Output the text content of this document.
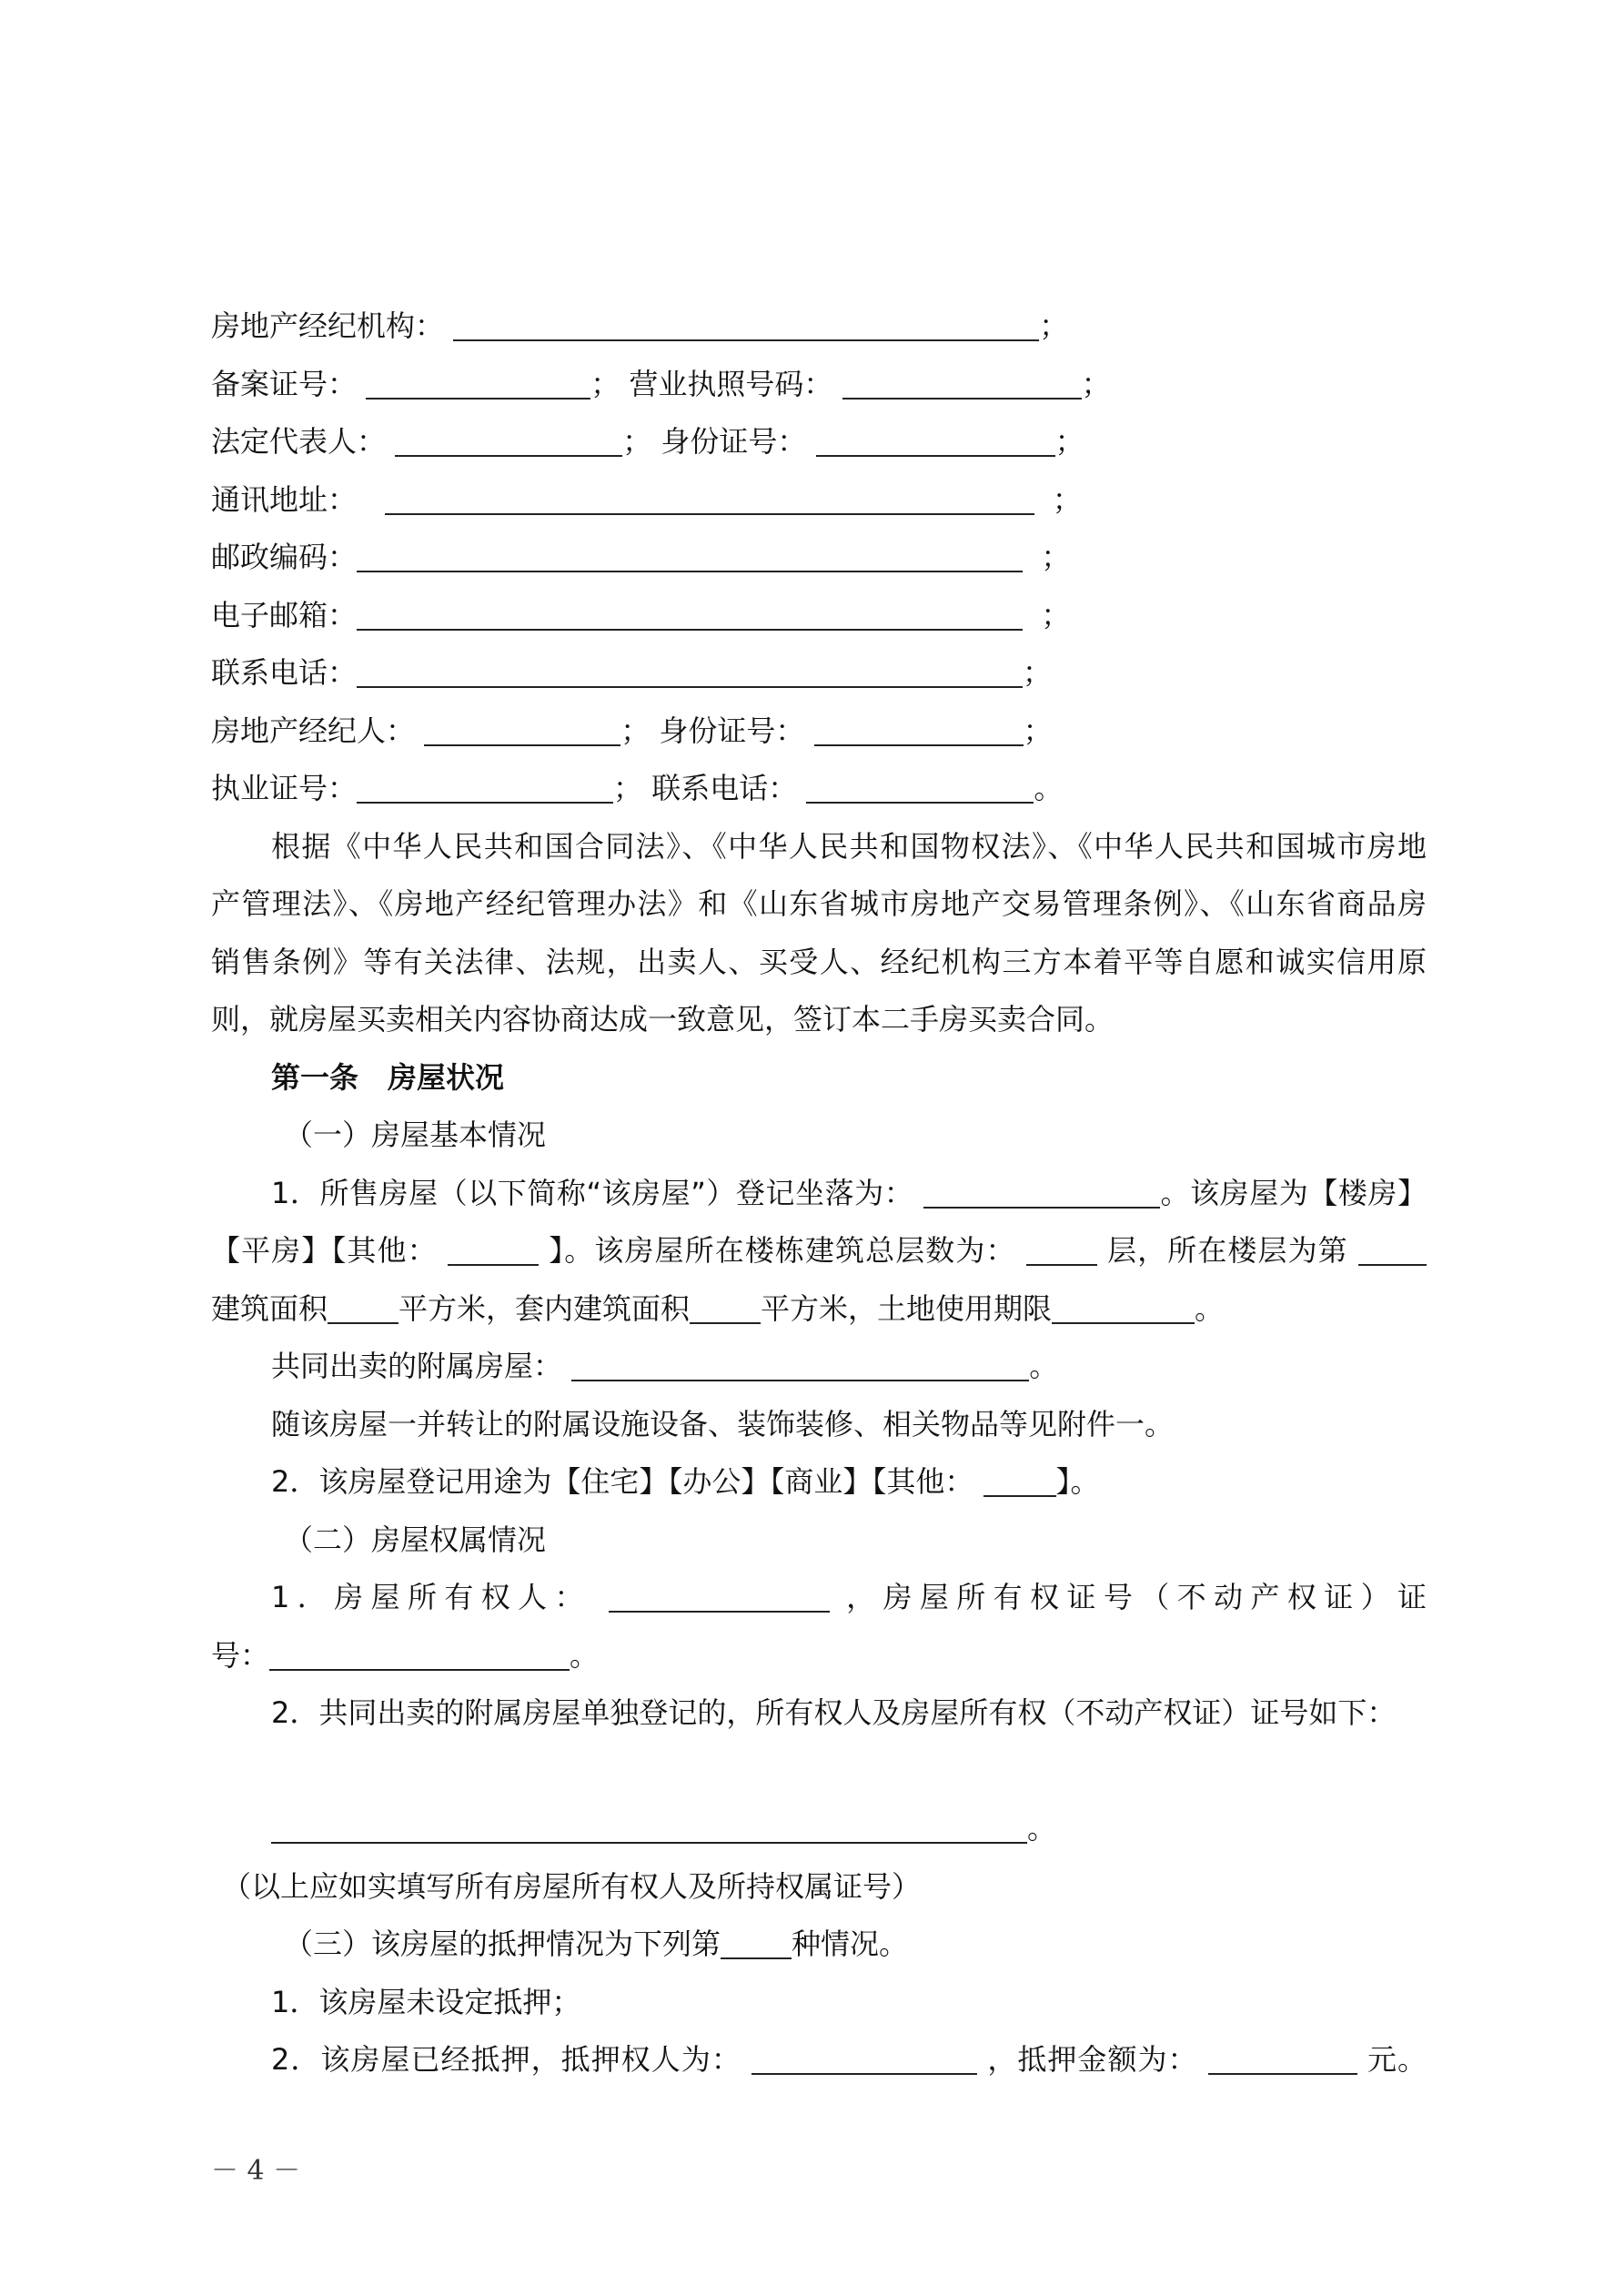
房地产经纪机构：	；
备案证号：	； 营业执照号码：	；
法定代表人：	； 身份证号：	；
通讯地址：	；
邮政编码：	；
电子邮箱：	；
联系电话：	；
房地产经纪人：	； 身份证号：	；
执业证号：	； 联系电话：	。
根据《中华人民共和国合同法》、《中华人民共和国物权法》、《中华人民共和国城市房地
产管理法》、《房地产经纪管理办法》和《山东省城市房地产交易管理条例》、《山东省商品房
销售条例》等有关法律、法规，出卖人、买受人、经纪机构三方本着平等自愿和诚实信用原
则，就房屋买卖相关内容协商达成一致意见，签订本二手房买卖合同。
第一条　房屋状况
（一）房屋基本情况
1．所售房屋（以下简称“该房屋”）登记坐落为：	。该房屋为【楼房】
【平房】【其他：	】。该房屋所在楼栋建筑总层数为：	层，所在楼层为第
建筑面积 平方米，套内建筑面积 平方米，土地使用期限	。
共同出卖的附属房屋：	。
随该房屋一并转让的附属设施设备、装饰装修、相关物品等见附件一。
2．该房屋登记用途为【住宅】【办公】【商业】【其他：	】。
（二）房屋权属情况
1．房屋所有权人：	，房屋所有权证号（不动产权证）证
号：	。
2．共同出卖的附属房屋单独登记的，所有权人及房屋所有权（不动产权证）证号如下：
。
（以上应如实填写所有房屋所有权人及所持权属证号）
（三）该房屋的抵押情况为下列第 种情况。
1．该房屋未设定抵押；
2．该房屋已经抵押，抵押权人为：	，抵押金额为：	元。
－ 4 －
